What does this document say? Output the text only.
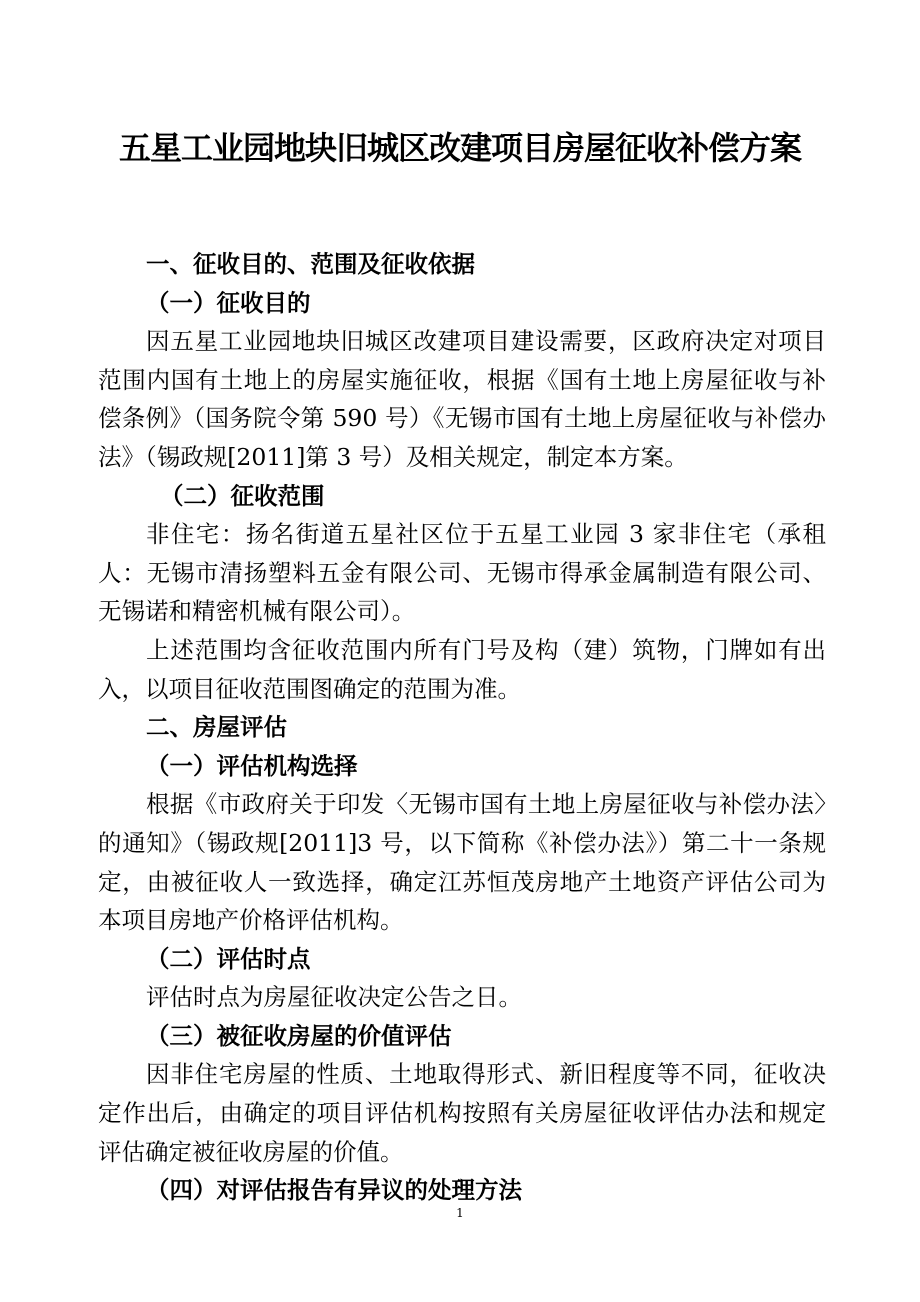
五星工业园地块旧城区改建项目房屋征收补偿方案

一、征收目的、范围及征收依据

（一）征收目的

因五星工业园地块旧城区改建项目建设需要，区政府决定对项目范围内国有土地上的房屋实施征收，根据《国有土地上房屋征收与补偿条例》（国务院令第 590 号）《无锡市国有土地上房屋征收与补偿办法》（锡政规[2011]第 3 号）及相关规定，制定本方案。

（二）征收范围

非住宅：扬名街道五星社区位于五星工业园 3 家非住宅（承租人：无锡市清扬塑料五金有限公司、无锡市得承金属制造有限公司、无锡诺和精密机械有限公司）。

上述范围均含征收范围内所有门号及构（建）筑物，门牌如有出入，以项目征收范围图确定的范围为准。

二、房屋评估

（一）评估机构选择

根据《市政府关于印发〈无锡市国有土地上房屋征收与补偿办法〉的通知》（锡政规[2011]3 号，以下简称《补偿办法》）第二十一条规定，由被征收人一致选择，确定江苏恒茂房地产土地资产评估公司为本项目房地产价格评估机构。

（二）评估时点

评估时点为房屋征收决定公告之日。

（三）被征收房屋的价值评估

因非住宅房屋的性质、土地取得形式、新旧程度等不同，征收决定作出后，由确定的项目评估机构按照有关房屋征收评估办法和规定评估确定被征收房屋的价值。

（四）对评估报告有异议的处理方法

1
